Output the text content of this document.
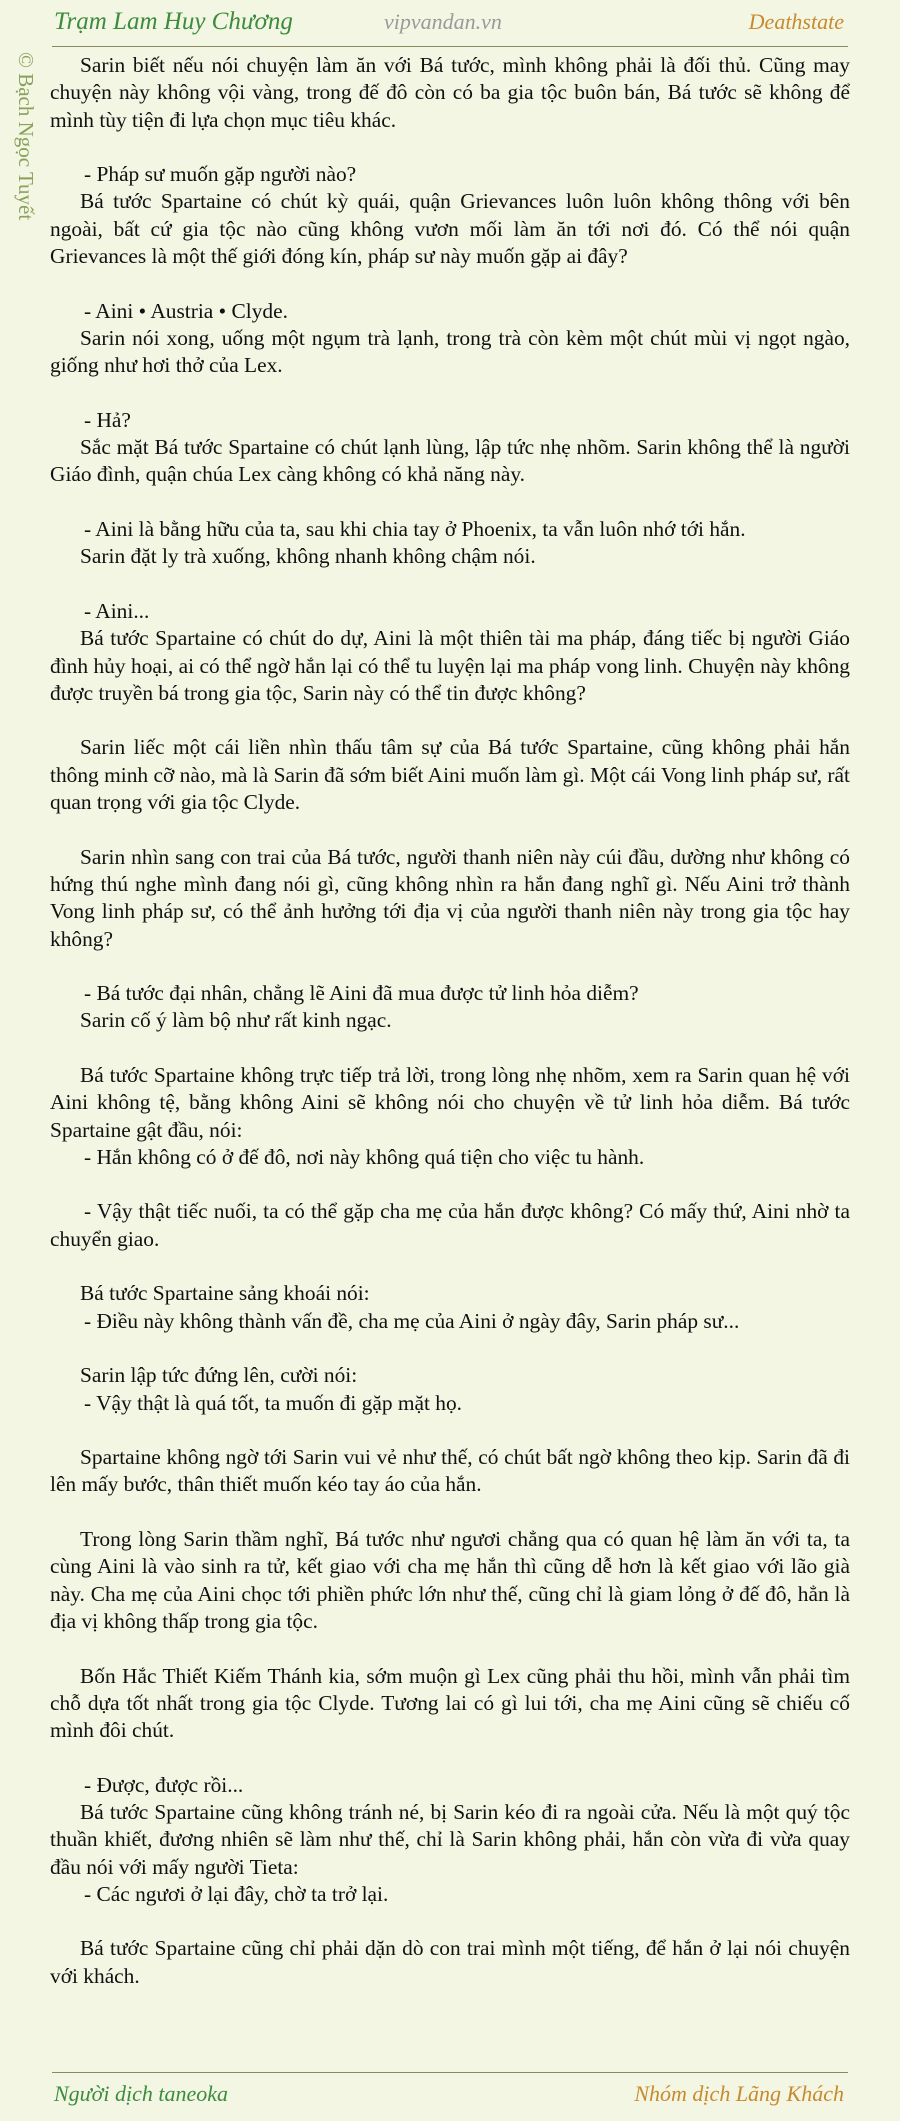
Trạm Lam Huy Chương	vipvandan.vn	Deathstate
© Bạch Ngọc Tuyết	Sarin biết nếu nói chuyện làm ăn với Bá tước, mình không phải là đối thủ. Cũng may chuyện này không vội vàng, trong đế đô còn có ba gia tộc buôn bán, Bá tước sẽ không để mình tùy tiện đi lựa chọn mục tiêu khác.

- Pháp sư muốn gặp người nào?

Bá tước Spartaine có chút kỳ quái, quận Grievances luôn luôn không thông với bên ngoài, bất cứ gia tộc nào cũng không vươn mối làm ăn tới nơi đó. Có thể nói quận Grievances là một thế giới đóng kín, pháp sư này muốn gặp ai đây?

- Aini • Austria • Clyde.

Sarin nói xong, uống một ngụm trà lạnh, trong trà còn kèm một chút mùi vị ngọt ngào, giống như hơi thở của Lex.

- Hả?

Sắc mặt Bá tước Spartaine có chút lạnh lùng, lập tức nhẹ nhõm. Sarin không thể là người Giáo đình, quận chúa Lex càng không có khả năng này.

- Aini là bằng hữu của ta, sau khi chia tay ở Phoenix, ta vẫn luôn nhớ tới hắn.

Sarin đặt ly trà xuống, không nhanh không chậm nói.

- Aini...

Bá tước Spartaine có chút do dự, Aini là một thiên tài ma pháp, đáng tiếc bị người Giáo đình hủy hoại, ai có thể ngờ hắn lại có thể tu luyện lại ma pháp vong linh. Chuyện này không được truyền bá trong gia tộc, Sarin này có thể tin được không?

Sarin liếc một cái liền nhìn thấu tâm sự của Bá tước Spartaine, cũng không phải hắn thông minh cỡ nào, mà là Sarin đã sớm biết Aini muốn làm gì. Một cái Vong linh pháp sư, rất quan trọng với gia tộc Clyde.

Sarin nhìn sang con trai của Bá tước, người thanh niên này cúi đầu, dường như không có hứng thú nghe mình đang nói gì, cũng không nhìn ra hắn đang nghĩ gì. Nếu Aini trở thành Vong linh pháp sư, có thể ảnh hưởng tới địa vị của người thanh niên này trong gia tộc hay không?

- Bá tước đại nhân, chẳng lẽ Aini đã mua được tử linh hỏa diễm?

Sarin cố ý làm bộ như rất kinh ngạc.

Bá tước Spartaine không trực tiếp trả lời, trong lòng nhẹ nhõm, xem ra Sarin quan hệ với Aini không tệ, bằng không Aini sẽ không nói cho chuyện về tử linh hỏa diễm. Bá tước Spartaine gật đầu, nói:

- Hắn không có ở đế đô, nơi này không quá tiện cho việc tu hành.

- Vậy thật tiếc nuối, ta có thể gặp cha mẹ của hắn được không? Có mấy thứ, Aini nhờ ta chuyển giao.

Bá tước Spartaine sảng khoái nói:

- Điều này không thành vấn đề, cha mẹ của Aini ở ngày đây, Sarin pháp sư...

Sarin lập tức đứng lên, cười nói:

- Vậy thật là quá tốt, ta muốn đi gặp mặt họ.

Spartaine không ngờ tới Sarin vui vẻ như thế, có chút bất ngờ không theo kịp. Sarin đã đi lên mấy bước, thân thiết muốn kéo tay áo của hắn.

Trong lòng Sarin thầm nghĩ, Bá tước như ngươi chẳng qua có quan hệ làm ăn với ta, ta cùng Aini là vào sinh ra tử, kết giao với cha mẹ hắn thì cũng dễ hơn là kết giao với lão già này. Cha mẹ của Aini chọc tới phiền phức lớn như thế, cũng chỉ là giam lỏng ở đế đô, hẳn là địa vị không thấp trong gia tộc.

Bốn Hắc Thiết Kiếm Thánh kia, sớm muộn gì Lex cũng phải thu hồi, mình vẫn phải tìm chỗ dựa tốt nhất trong gia tộc Clyde. Tương lai có gì lui tới, cha mẹ Aini cũng sẽ chiếu cố mình đôi chút.

- Được, được rồi...

Bá tước Spartaine cũng không tránh né, bị Sarin kéo đi ra ngoài cửa. Nếu là một quý tộc thuần khiết, đương nhiên sẽ làm như thế, chỉ là Sarin không phải, hắn còn vừa đi vừa quay đầu nói với mấy người Tieta:

- Các ngươi ở lại đây, chờ ta trở lại.

Bá tước Spartaine cũng chỉ phải dặn dò con trai mình một tiếng, để hắn ở lại nói chuyện với khách.

Người dịch taneoka	Nhóm dịch Lãng Khách
